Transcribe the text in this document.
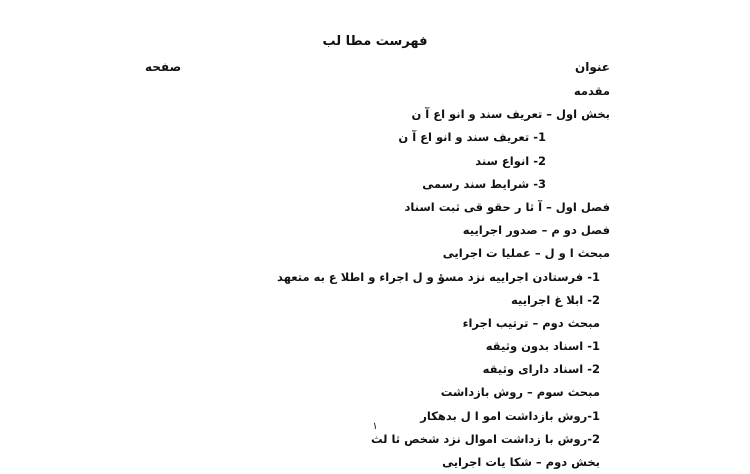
فهرست مطا لب
عنوان
صفحه
مقدمه
بخش اول – تعریف سند و انو اع آ ن
1- تعریف سند و انو اع آ ن
2- انواع سند
3- شرایط سند رسمی
فصل اول – آ ثا ر حقو قی ثبت اسناد
فصل دو م – صدور اجراییه
مبحث ا و ل – عملیا ت اجرایی
1- فرستادن اجراییه نزد مسؤ و ل اجراء و اطلا ع به متعهد
2- ابلا غ اجراییه
مبحث دوم – ترتیب اجراء
1- اسناد بدون وثیقه
2- اسناد دارای وثیقه
مبحث سوم – روش بازداشت
1-روش بازداشت امو ا ل بدهکار
2-روش با زداشت اموال نزد شخص ثا لث
بخش دوم – شکا یات اجرایی
۱
